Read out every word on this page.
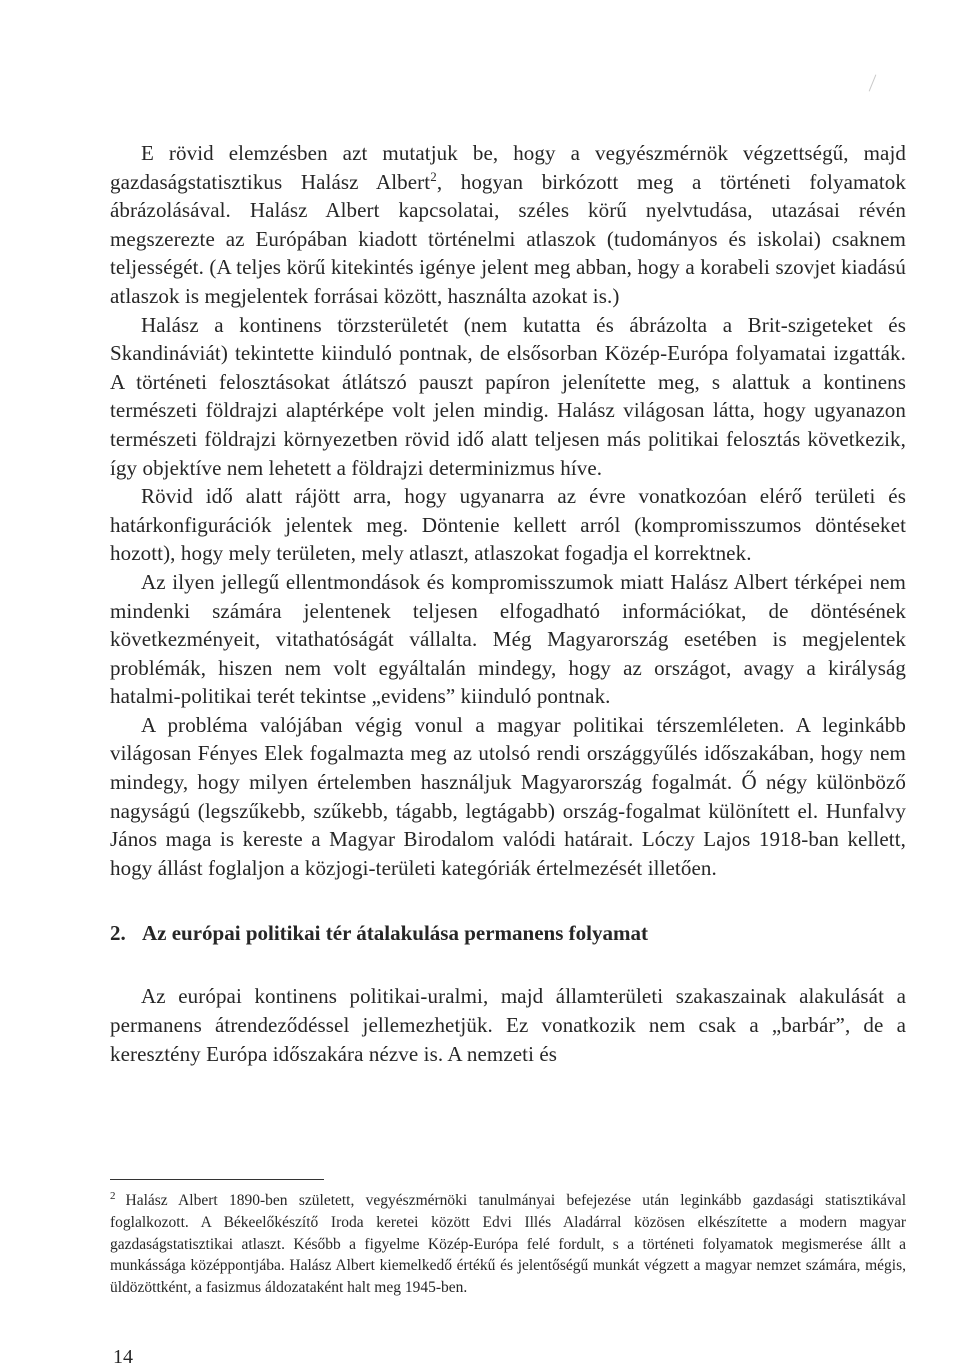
E rövid elemzésben azt mutatjuk be, hogy a vegyészmérnök végzettségű, majd gazdaságstatisztikus Halász Albert$^2$, hogyan birkózott meg a történeti folyamatok ábrázolásával. Halász Albert kapcsolatai, széles körű nyelvtudása, utazásai révén megszerezte az Európában kiadott történelmi atlaszok (tudományos és iskolai) csaknem teljességét. (A teljes körű kitekintés igénye jelent meg abban, hogy a korabeli szovjet kiadású atlaszok is megjelentek forrásai között, használta azokat is.)

Halász a kontinens törzsterületét (nem kutatta és ábrázolta a Brit-szigeteket és Skandináviát) tekintette kiinduló pontnak, de elsősorban Közép-Európa folyamatai izgatták. A történeti felosztásokat átlátszó pauszt papíron jelenítette meg, s alattuk a kontinens természeti földrajzi alaptérképe volt jelen mindig. Halász világosan látta, hogy ugyanazon természeti földrajzi környezetben rövid idő alatt teljesen más politikai felosztás következik, így objektíve nem lehetett a földrajzi determinizmus híve.

Rövid idő alatt rájött arra, hogy ugyanarra az évre vonatkozóan elérő területi és határkonfigurációk jelentek meg. Döntenie kellett arról (kompromisszumos döntéseket hozott), hogy mely területen, mely atlaszt, atlaszokat fogadja el korrektnek.

Az ilyen jellegű ellentmondások és kompromisszumok miatt Halász Albert térképei nem mindenki számára jelentenek teljesen elfogadható információkat, de döntésének következményeit, vitathatóságát vállalta. Még Magyarország esetében is megjelentek problémák, hiszen nem volt egyáltalán mindegy, hogy az országot, avagy a királyság hatalmi-politikai terét tekintse „evidens” kiinduló pontnak.

A probléma valójában végig vonul a magyar politikai térszemléleten. A leginkább világosan Fényes Elek fogalmazta meg az utolsó rendi országgyűlés időszakában, hogy nem mindegy, hogy milyen értelemben használjuk Magyarország fogalmát. Ő négy különböző nagyságú (legszűkebb, szűkebb, tágabb, legtágabb) ország-fogalmat különített el. Hunfalvy János maga is kereste a Magyar Birodalom valódi határait. Lóczy Lajos 1918-ban kellett, hogy állást foglaljon a közjogi-területi kategóriák értelmezését illetően.

2. Az európai politikai tér átalakulása permanens folyamat

Az európai kontinens politikai-uralmi, majd államterületi szakaszainak alakulását a permanens átrendeződéssel jellemezhetjük. Ez vonatkozik nem csak a „barbár”, de a keresztény Európa időszakára nézve is. A nemzeti és

$^2$ Halász Albert 1890-ben született, vegyészmérnöki tanulmányai befejezése után leginkább gazdasági statisztikával foglalkozott. A Békeelőkészítő Iroda keretei között Edvi Illés Aladárral közösen elkészítette a modern magyar gazdaságstatisztikai atlaszt. Később a figyelme Közép-Európa felé fordult, s a történeti folyamatok megismerése állt a munkássága középpontjába. Halász Albert kiemelkedő értékű és jelentőségű munkát végzett a magyar nemzet számára, mégis, üldözöttként, a fasizmus áldozataként halt meg 1945-ben.

14
